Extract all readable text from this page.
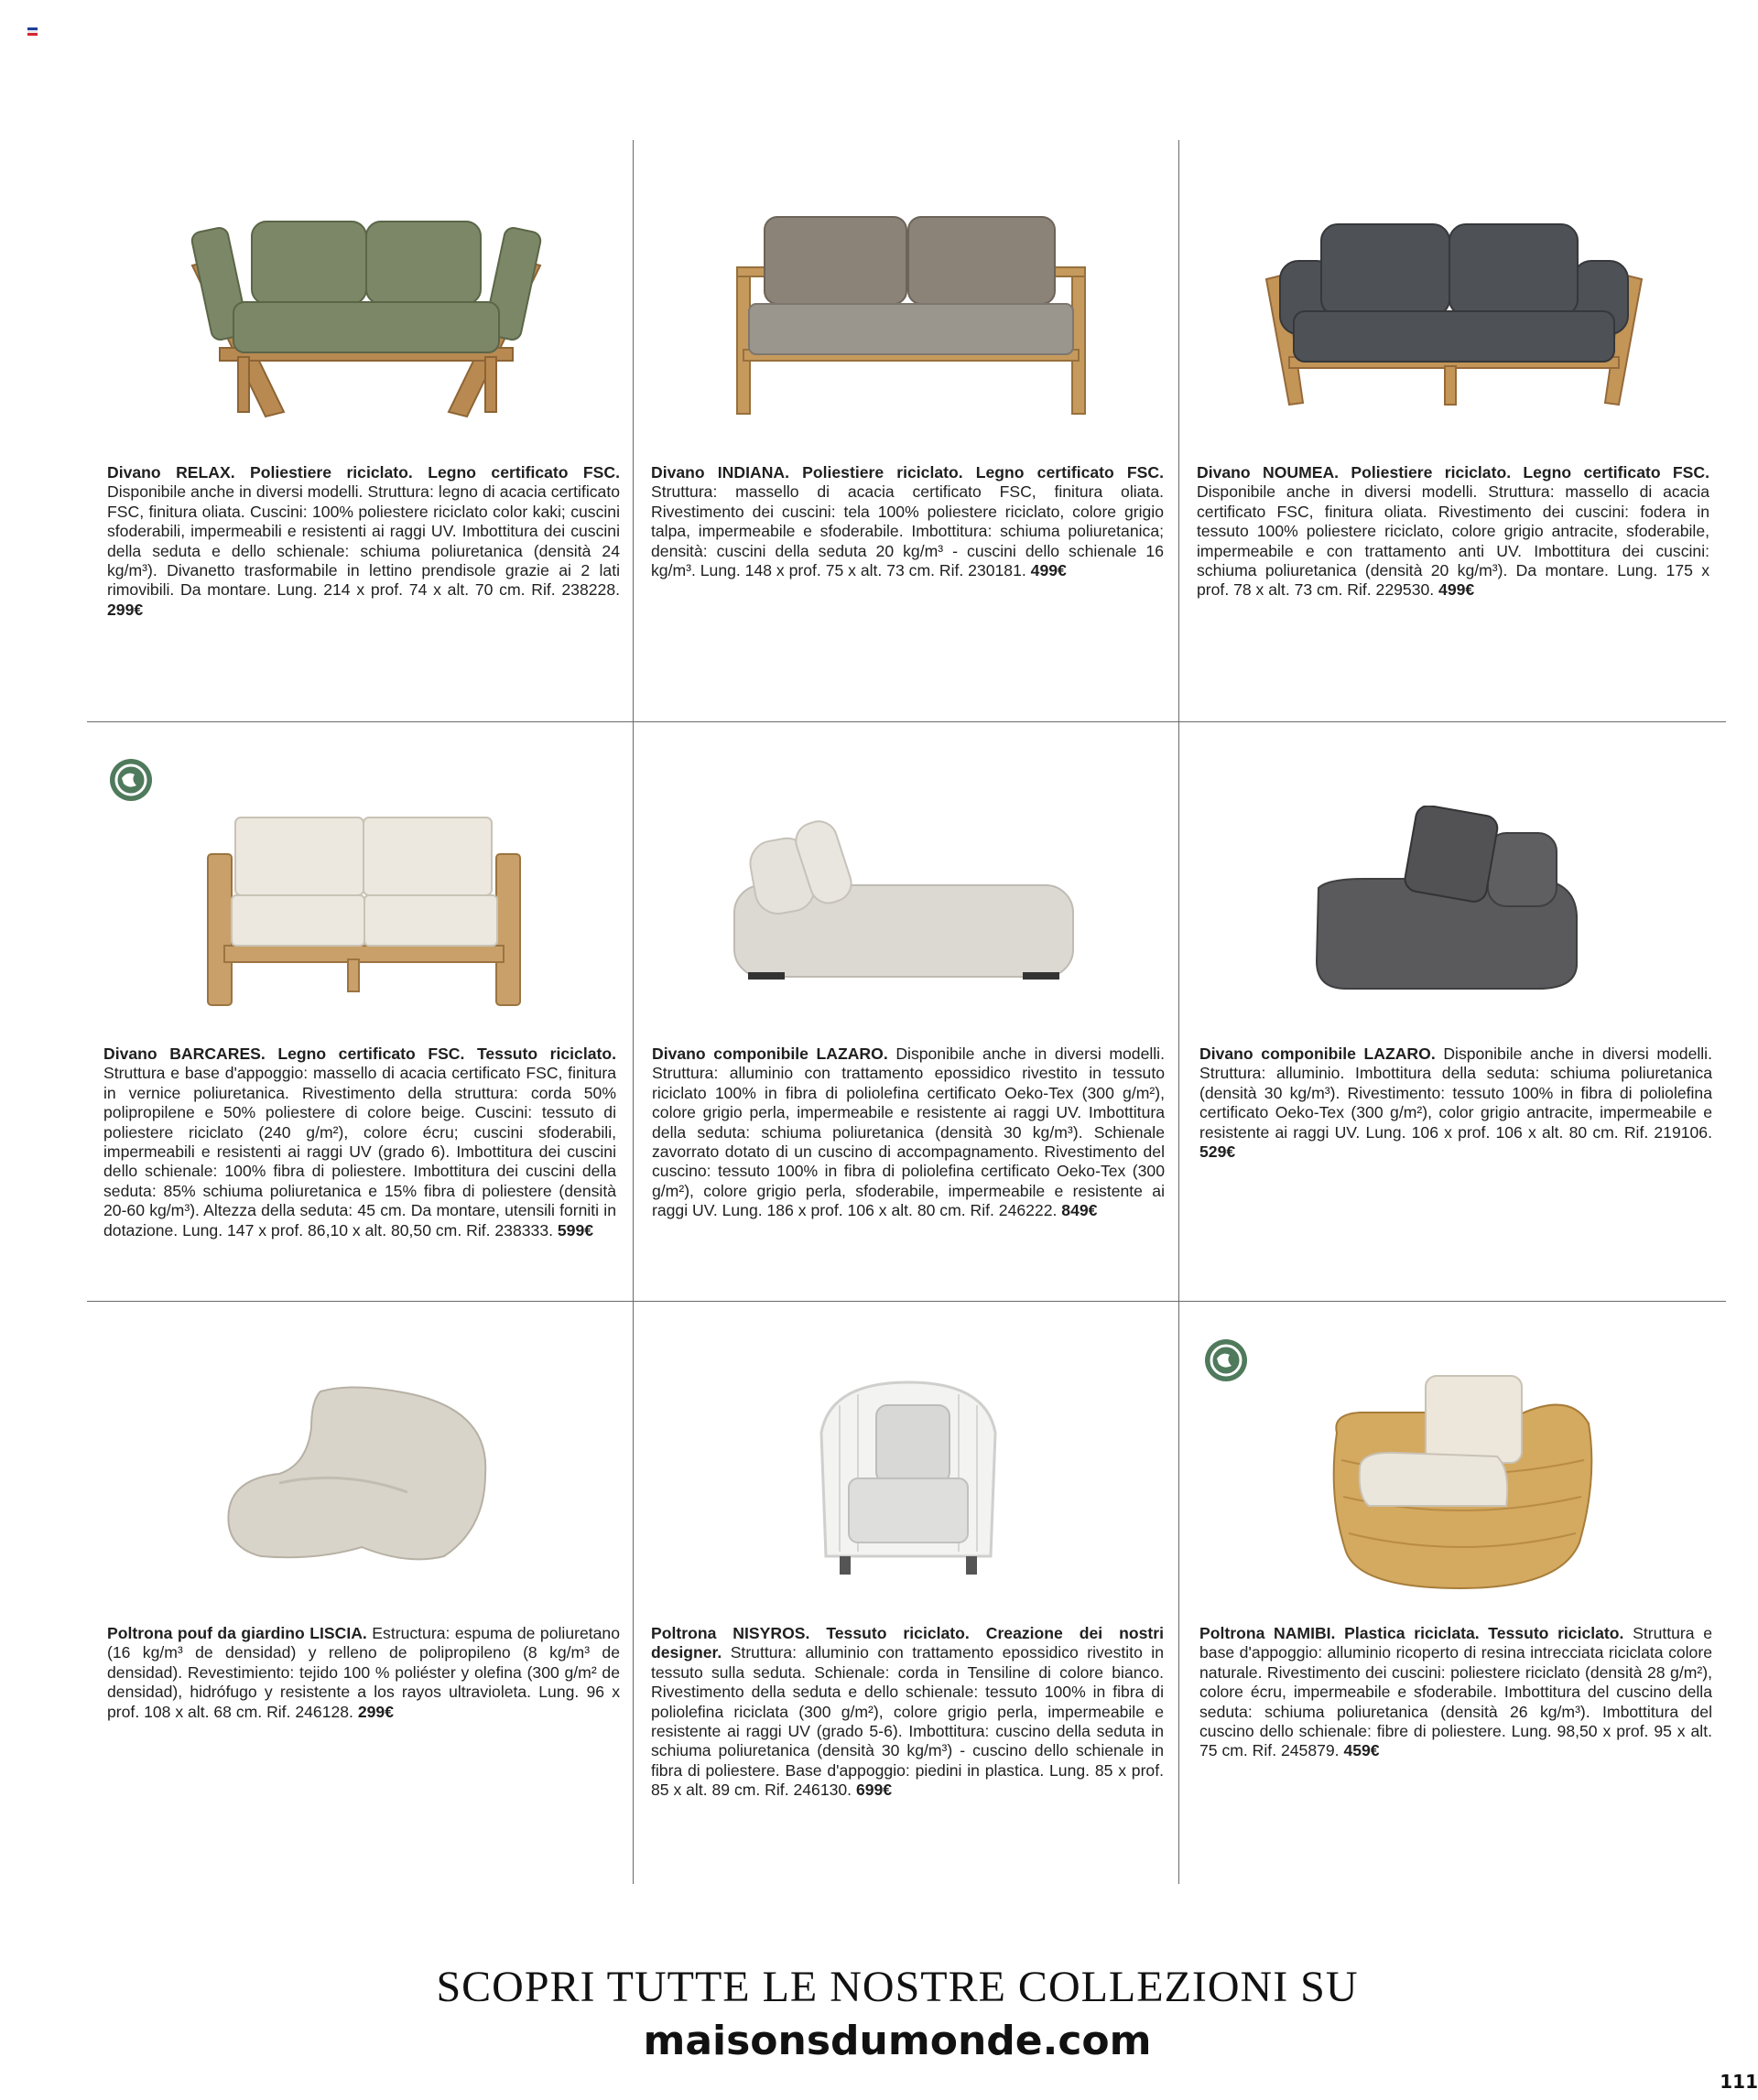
Divano RELAX. Poliestiere riciclato. Legno certificato FSC. Disponibile anche in diversi modelli. Struttura: legno di acacia certificato FSC, finitura oliata. Cuscini: 100% poliestere riciclato color kaki; cuscini sfoderabili, impermeabili e resistenti ai raggi UV. Imbottitura dei cuscini della seduta e dello schienale: schiuma poliuretanica (densità 24 kg/m³). Divanetto trasformabile in lettino prendisole grazie ai 2 lati rimovibili. Da montare. Lung. 214 x prof. 74 x alt. 70 cm. Rif. 238228. 299€

Divano INDIANA. Poliestiere riciclato. Legno certificato FSC. Struttura: massello di acacia certificato FSC, finitura oliata. Rivestimento dei cuscini: tela 100% poliestere riciclato, colore grigio talpa, impermeabile e sfoderabile. Imbottitura: schiuma poliuretanica; densità: cuscini della seduta 20 kg/m³ - cuscini dello schienale 16 kg/m³. Lung. 148 x prof. 75 x alt. 73 cm. Rif. 230181. 499€

Divano NOUMEA. Poliestiere riciclato. Legno certificato FSC. Disponibile anche in diversi modelli. Struttura: massello di acacia certificato FSC, finitura oliata. Rivestimento dei cuscini: fodera in tessuto 100% poliestere riciclato, colore grigio antracite, sfoderabile, impermeabile e con trattamento anti UV. Imbottitura dei cuscini: schiuma poliuretanica (densità 20 kg/m³). Da montare. Lung. 175 x prof. 78 x alt. 73 cm. Rif. 229530. 499€

Divano BARCARES. Legno certificato FSC. Tessuto riciclato. Struttura e base d'appoggio: massello di acacia certificato FSC, finitura in vernice poliuretanica. Rivestimento della struttura: corda 50% polipropilene e 50% poliestere di colore beige. Cuscini: tessuto di poliestere riciclato (240 g/m²), colore écru; cuscini sfoderabili, impermeabili e resistenti ai raggi UV (grado 6). Imbottitura dei cuscini dello schienale: 100% fibra di poliestere. Imbottitura dei cuscini della seduta: 85% schiuma poliuretanica e 15% fibra di poliestere (densità 20-60 kg/m³). Altezza della seduta: 45 cm. Da montare, utensili forniti in dotazione. Lung. 147 x prof. 86,10 x alt. 80,50 cm. Rif. 238333. 599€

Divano componibile LAZARO. Disponibile anche in diversi modelli. Struttura: alluminio con trattamento epossidico rivestito in tessuto riciclato 100% in fibra di poliolefina certificato Oeko-Tex (300 g/m²), colore grigio perla, impermeabile e resistente ai raggi UV. Imbottitura della seduta: schiuma poliuretanica (densità 30 kg/m³). Schienale zavorrato dotato di un cuscino di accompagnamento. Rivestimento del cuscino: tessuto 100% in fibra di poliolefina certificato Oeko-Tex (300 g/m²), colore grigio perla, sfoderabile, impermeabile e resistente ai raggi UV. Lung. 186 x prof. 106 x alt. 80 cm. Rif. 246222. 849€

Divano componibile LAZARO. Disponibile anche in diversi modelli. Struttura: alluminio. Imbottitura della seduta: schiuma poliuretanica (densità 30 kg/m³). Rivestimento: tessuto 100% in fibra di poliolefina certificato Oeko-Tex (300 g/m²), color grigio antracite, impermeabile e resistente ai raggi UV. Lung. 106 x prof. 106 x alt. 80 cm. Rif. 219106. 529€

Poltrona pouf da giardino LISCIA. Estructura: espuma de poliuretano (16 kg/m³ de densidad) y relleno de polipropileno (8 kg/m³ de densidad). Revestimiento: tejido 100 % poliéster y olefina (300 g/m² de densidad), hidrófugo y resistente a los rayos ultravioleta. Lung. 96 x prof. 108 x alt. 68 cm. Rif. 246128. 299€

Poltrona NISYROS. Tessuto riciclato. Creazione dei nostri designer. Struttura: alluminio con trattamento epossidico rivestito in tessuto sulla seduta. Schienale: corda in Tensiline di colore bianco. Rivestimento della seduta e dello schienale: tessuto 100% in fibra di poliolefina riciclata (300 g/m²), colore grigio perla, impermeabile e resistente ai raggi UV (grado 5-6). Imbottitura: cuscino della seduta in schiuma poliuretanica (densità 30 kg/m³) - cuscino dello schienale in fibra di poliestere. Base d'appoggio: piedini in plastica. Lung. 85 x prof. 85 x alt. 89 cm. Rif. 246130. 699€

Poltrona NAMIBI. Plastica riciclata. Tessuto riciclato. Struttura e base d'appoggio: alluminio ricoperto di resina intrecciata riciclata colore naturale. Rivestimento dei cuscini: poliestere riciclato (densità 28 g/m²), colore écru, impermeabile e sfoderabile. Imbottitura del cuscino della seduta: schiuma poliuretanica (densità 26 kg/m³). Imbottitura del cuscino dello schienale: fibre di poliestere. Lung. 98,50 x prof. 95 x alt. 75 cm. Rif. 245879. 459€

SCOPRI TUTTE LE NOSTRE COLLEZIONI SU
maisonsdumonde.com
111
